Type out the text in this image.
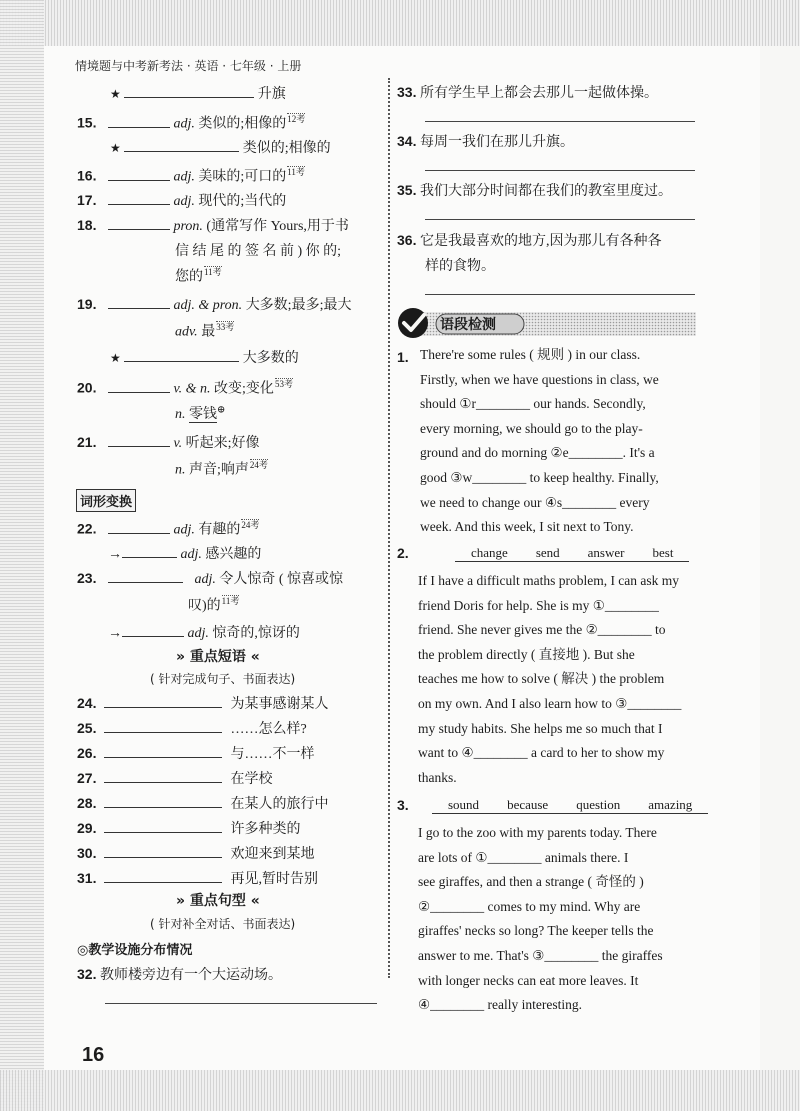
情境题与中考新考法 · 英语 · 七年级 · 上册
★	升旗
15.	adj. 类似的;相像的$^{12考}$
★	类似的;相像的
16.	adj. 美味的;可口的$^{11考}$
17.	adj. 现代的;当代的
18.	pron. (通常写作 Yours,用于书
信 结 尾 的 签 名 前 ) 你 的;
您的$^{11考}$
19.	adj. & pron. 大多数;最多;最大
adv. 最$^{33考}$
★	大多数的
20.	v. & n. 改变;变化$^{53考}$
n. 零钱⊕
21.	v. 听起来;好像
n. 声音;响声$^{24考}$
词形变换
22.	adj. 有趣的$^{24考}$
→	adj. 感兴趣的
23.	adj. 令人惊奇 ( 惊喜或惊
叹)的$^{11考}$
→	adj. 惊奇的,惊讶的
» 重点短语 «
( 针对完成句子、书面表达)
24.	为某事感谢某人
25.	……怎么样?
26.	与……不一样
27.	在学校
28.	在某人的旅行中
29.	许多种类的
30.	欢迎来到某地
31.	再见,暂时告别
» 重点句型 «
( 针对补全对话、书面表达)
◎教学设施分布情况
32. 教师楼旁边有一个大运动场。
16
33. 所有学生早上都会去那儿一起做体操。
34. 每周一我们在那儿升旗。
35. 我们大部分时间都在我们的教室里度过。
36. 它是我最喜欢的地方,因为那儿有各种各
样的食物。
语段检测
1. There're some rules ( 规则 ) in our class.

Firstly, when we have questions in class, we

should ①r________ our hands. Secondly,

every morning, we should go to the play-

ground and do morning ②e________. It's a

good ③w________ to keep healthy. Finally,

we need to change our ④s________ every

week. And this week, I sit next to Tony.

2.	change send answer best

If I have a difficult maths problem, I can ask my

friend Doris for help. She is my ①________

friend. She never gives me the ②________ to

the problem directly ( 直接地 ). But she

teaches me how to solve ( 解决 ) the problem

on my own. And I also learn how to ③________

my study habits. She helps me so much that I

want to ④________ a card to her to show my

thanks.

3.	sound because question amazing

I go to the zoo with my parents today. There

are lots of ①________ animals there. I

see giraffes, and then a strange ( 奇怪的 )

②________ comes to my mind. Why are

giraffes' necks so long? The keeper tells the

answer to me. That's ③________ the giraffes

with longer necks can eat more leaves. It

④________ really interesting.
